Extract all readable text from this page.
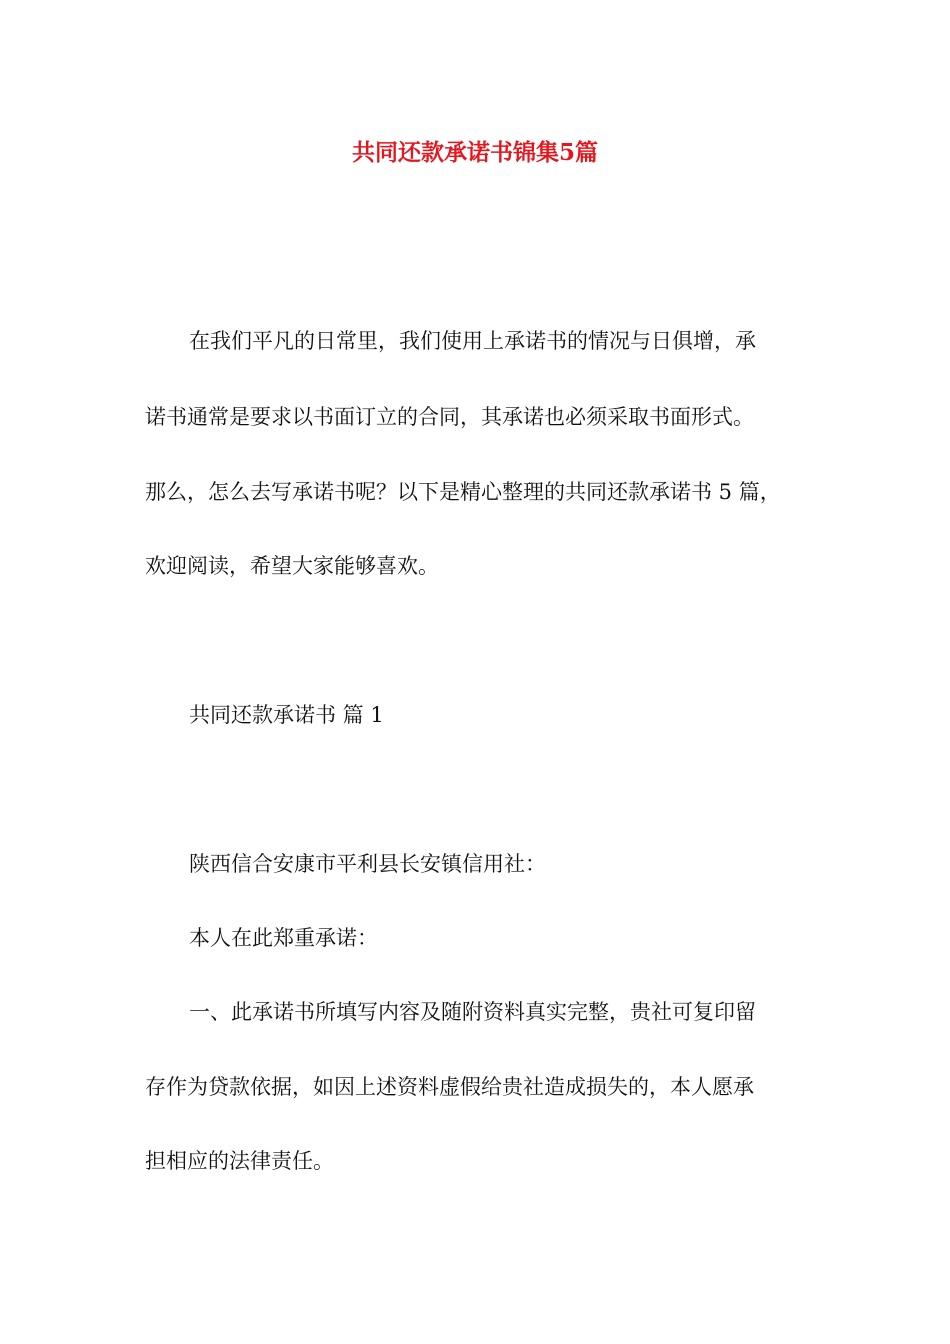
共同还款承诺书锦集5篇
在我们平凡的日常里，我们使用上承诺书的情况与日俱增，承
诺书通常是要求以书面订立的合同，其承诺也必须采取书面形式。
那么，怎么去写承诺书呢？以下是精心整理的共同还款承诺书 5 篇，
欢迎阅读，希望大家能够喜欢。
共同还款承诺书 篇 1
陕西信合安康市平利县长安镇信用社：
本人在此郑重承诺：
一、此承诺书所填写内容及随附资料真实完整，贵社可复印留
存作为贷款依据，如因上述资料虚假给贵社造成损失的，本人愿承
担相应的法律责任。
